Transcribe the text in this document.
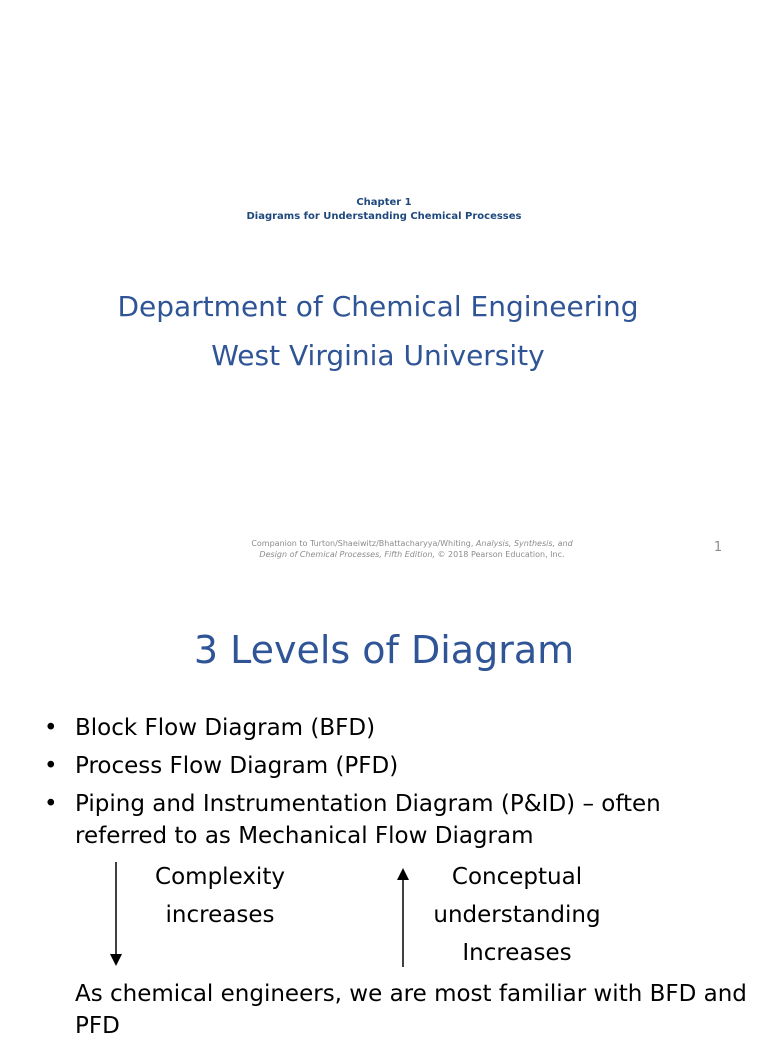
Chapter 1
Diagrams for Understanding Chemical Processes
Department of Chemical Engineering
West Virginia University
Companion to Turton/Shaeiwitz/Bhattacharyya/Whiting, Analysis, Synthesis, and
Design of Chemical Processes, Fifth Edition, © 2018 Pearson Education, Inc.	1
3 Levels of Diagram
• Block Flow Diagram (BFD)
• Process Flow Diagram (PFD)
• Piping and Instrumentation Diagram (P&ID) – often referred to as Mechanical Flow Diagram
Complexity
increases
Conceptual
understanding
Increases
As chemical engineers, we are most familiar with BFD and PFD
